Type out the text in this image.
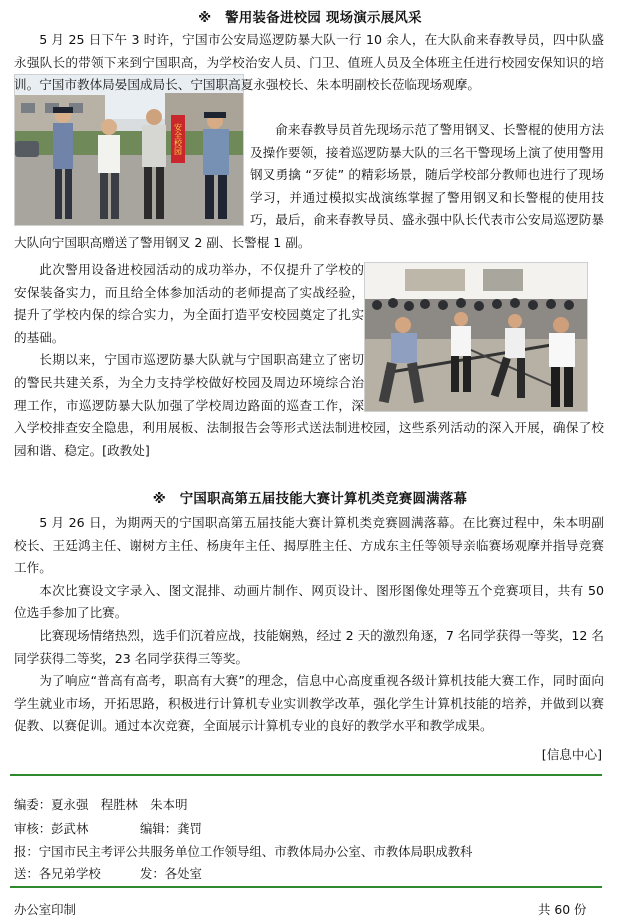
※　警用装备进校园 现场演示展风采
安全校园

5 月 25 日下午 3 时许，宁国市公安局巡逻防暴大队一行 10 余人，在大队俞来春教导员，四中队盛永强队长的带领下来到宁国职高，为学校治安人员、门卫、值班人员及全体班主任进行校园安保知识的培训。宁国市教体局晏国成局长、宁国职高夏永强校长、朱本明副校长莅临现场观摩。

俞来春教导员首先现场示范了警用钢叉、长警棍的使用方法及操作要领，接着巡逻防暴大队的三名干警现场上演了使用警用钢叉勇擒 “歹徒” 的精彩场景，随后学校部分教师也进行了现场学习，并通过模拟实战演练掌握了警用钢叉和长警棍的使用技巧，最后，俞来春教导员、盛永强中队长代表市公安局巡逻防暴大队向宁国职高赠送了警用钢叉 2 副、长警棍 1 副。

此次警用设备进校园活动的成功举办，不仅提升了学校的安保装备实力，而且给全体参加活动的老师提高了实战经验，提升了学校内保的综合实力，为全面打造平安校园奠定了扎实的基础。

长期以来，宁国市巡逻防暴大队就与宁国职高建立了密切的警民共建关系，为全力支持学校做好校园及周边环境综合治理工作，市巡逻防暴大队加强了学校周边路面的巡查工作，深入学校排查安全隐患，利用展板、法制报告会等形式送法制进校园，这些系列活动的深入开展，确保了校园和谐、稳定。[政教处]

※　宁国职高第五届技能大赛计算机类竞赛圆满落幕

5 月 26 日，为期两天的宁国职高第五届技能大赛计算机类竞赛圆满落幕。在比赛过程中，朱本明副校长、王廷鸿主任、谢树方主任、杨庚年主任、揭厚胜主任、方成东主任等领导亲临赛场观摩并指导竞赛工作。

本次比赛设文字录入、图文混排、动画片制作、网页设计、图形图像处理等五个竞赛项目，共有 50 位选手参加了比赛。

比赛现场情绪热烈，选手们沉着应战，技能娴熟，经过 2 天的激烈角逐，7 名同学获得一等奖，12 名同学获得二等奖，23 名同学获得三等奖。

为了响应“普高有高考，职高有大赛”的理念，信息中心高度重视各级计算机技能大赛工作，同时面向学生就业市场，开拓思路，积极进行计算机专业实训教学改革，强化学生计算机技能的培养，并做到以赛促教、以赛促训。通过本次竞赛，全面展示计算机专业的良好的教学水平和教学成果。

[信息中心]
编委：夏永强　程胜林　朱本明
审核：彭武林	编辑：龚罚
报：宁国市民主考评公共服务单位工作领导组、市教体局办公室、市教体局职成教科
送：各兄弟学校	发：各处室
办公室印制	共 60 份
